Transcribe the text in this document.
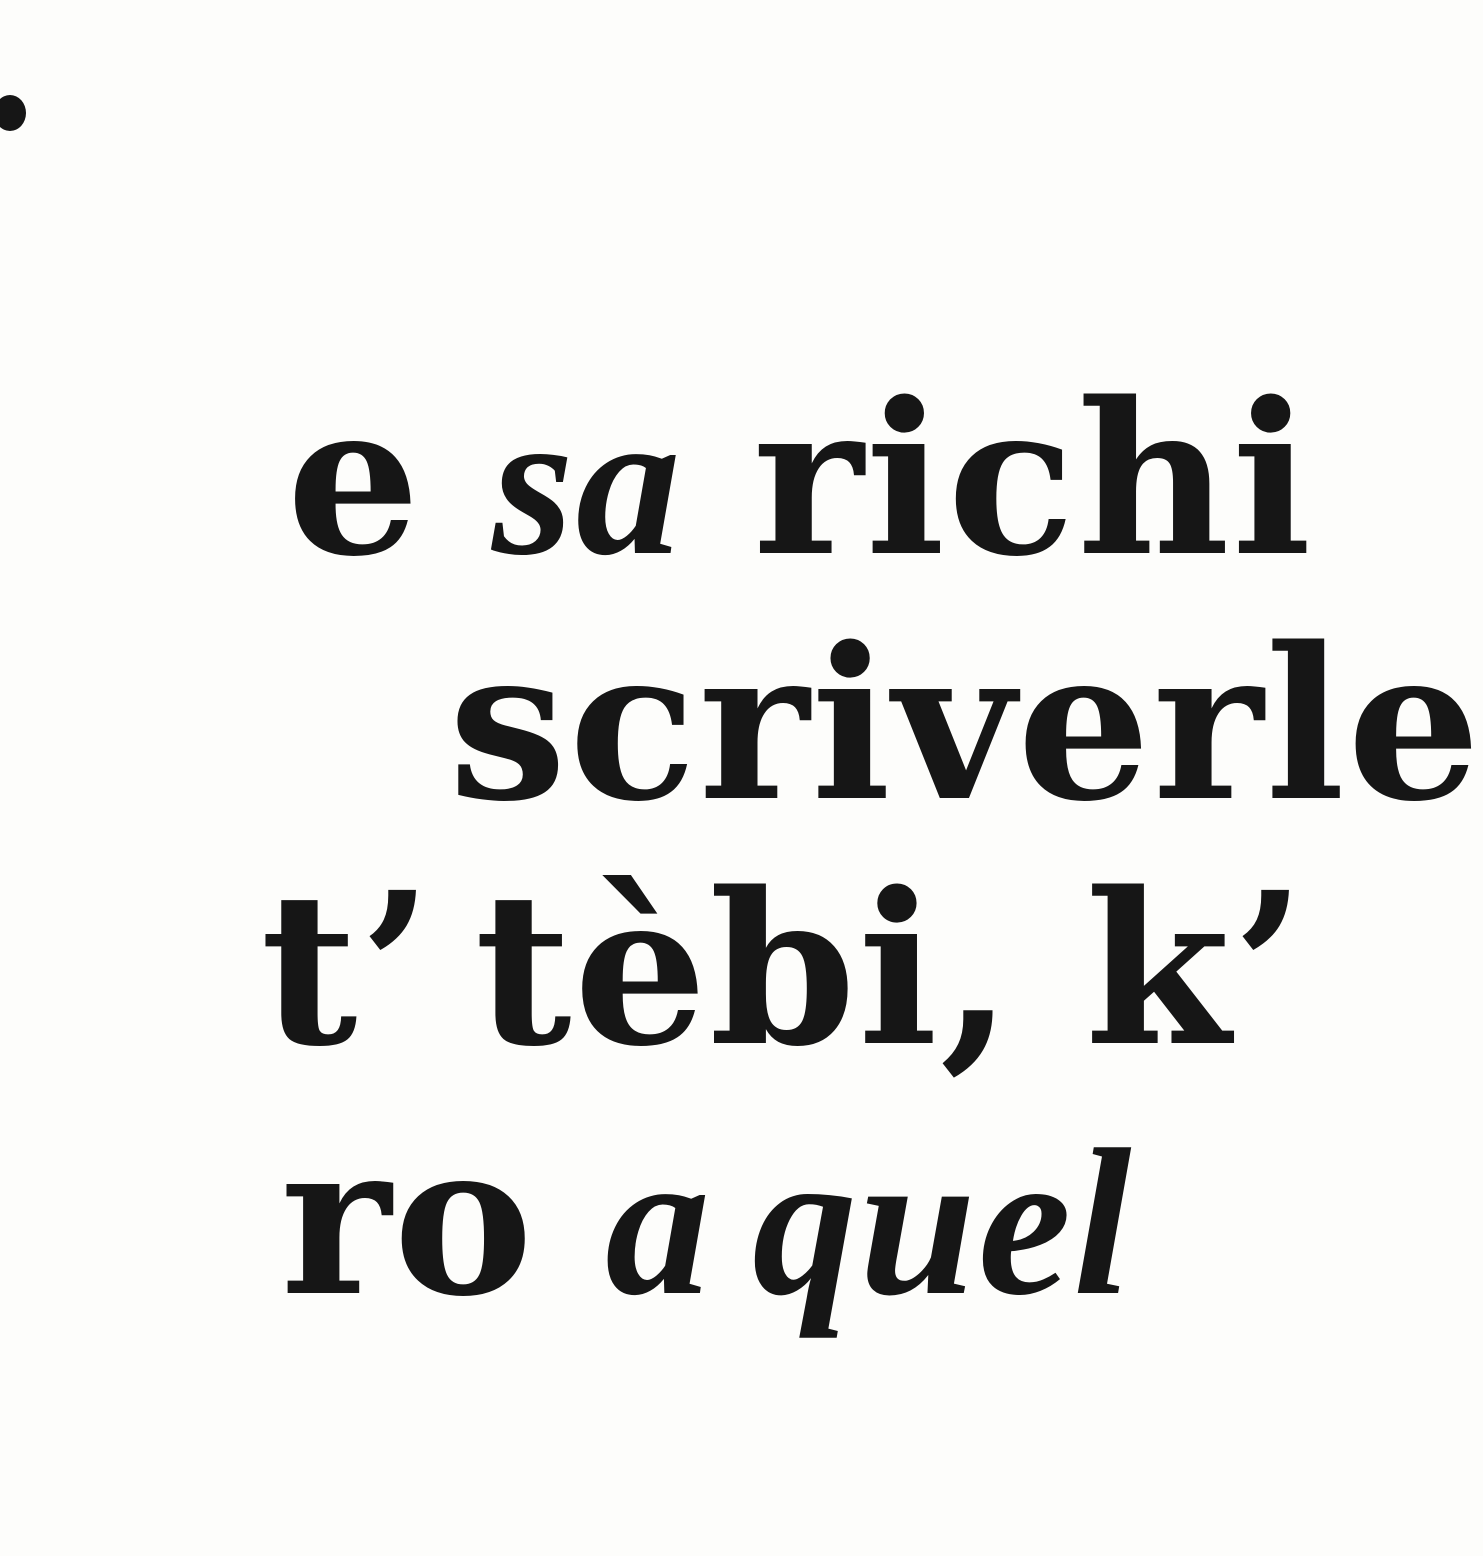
e sa richi

scriverle

t’ tèbi, k’

ro a quel
